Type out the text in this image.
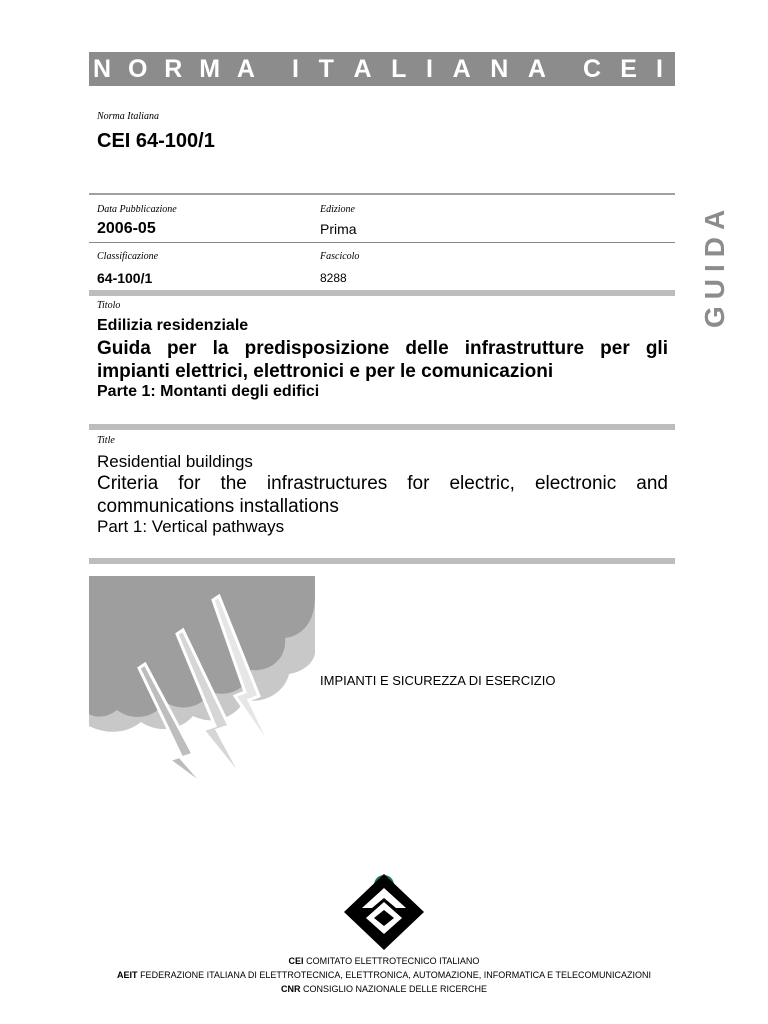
N O R M A I T A L I A N A C E I
Norma Italiana
CEI 64-100/1
GUIDA
Data Pubblicazione	Edizione
2006-05	Prima
Classificazione	Fascicolo
64-100/1	8288
Titolo
Edilizia residenziale
Guida per la predisposizione delle infrastrutture per gli impianti elettrici, elettronici e per le comunicazioni
Parte 1: Montanti degli edifici
Title
Residential buildings
Criteria for the infrastructures for electric, electronic and communications installations
Part 1: Vertical pathways
IMPIANTI E SICUREZZA DI ESERCIZIO
CEI COMITATO ELETTROTECNICO ITALIANO
AEIT FEDERAZIONE ITALIANA DI ELETTROTECNICA, ELETTRONICA, AUTOMAZIONE, INFORMATICA E TELECOMUNICAZIONI
CNR CONSIGLIO NAZIONALE DELLE RICERCHE
